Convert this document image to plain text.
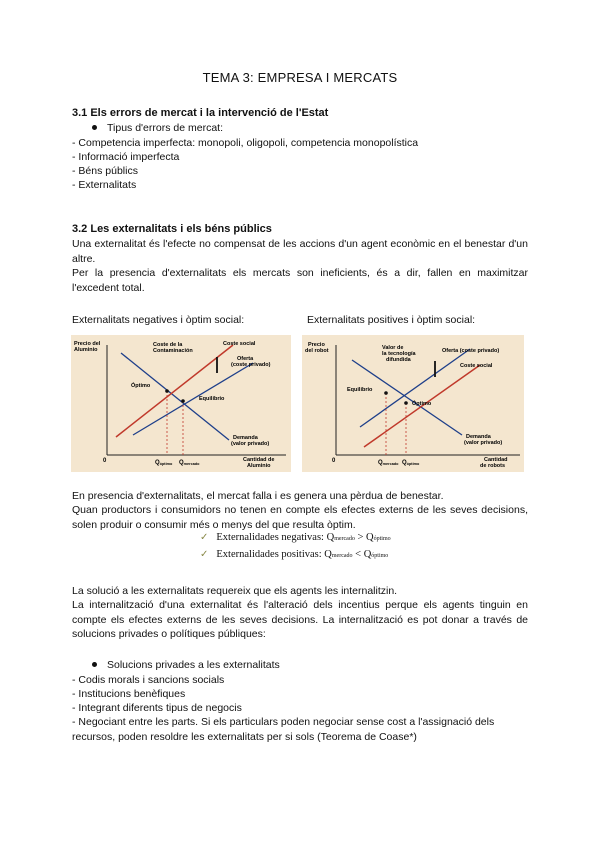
TEMA 3: EMPRESA I MERCATS
3.1 Els errors de mercat i la intervenció de l'Estat
Tipus d'errors de mercat:
- Competencia imperfecta: monopoli, oligopoli, competencia monopolística
- Informació imperfecta
- Béns públics
- Externalitats
3.2 Les externalitats i els béns públics
Una externalitat és l'efecte no compensat de les accions d'un agent econòmic en el benestar d'un altre.
Per la presencia d'externalitats els mercats son ineficients, és a dir, fallen en maximitzar l'excedent total.
Externalitats negatives i òptim social:	Externalitats positives i òptim social:
Precio del
Aluminio
Coste de la
Contaminación
Coste social
Oferta
(coste privado)
Óptimo
Equilibrio
Demanda
(valor privado)
0	Qóptimo Qmercado
Cantidad de
Aluminio
Precio
del robot	Valor de
la tecnología
difundida
Oferta (coste privado)
Coste social
Equilibrio
Óptimo
Demanda
(valor privado)
0	Qmercado Qóptimo
Cantidad
de robots
En presencia d'externalitats, el mercat falla i es genera una pèrdua de benestar.
Quan productors i consumidors no tenen en compte els efectes externs de les seves decisions, solen produir o consumir més o menys del que resulta òptim.
✓ Externalidades negativas: Qmercado > Qóptimo
✓ Externalidades positivas: Qmercado < Qóptimo
La solució a les externalitats requereix que els agents les internalitzin.
La internalització d'una externalitat és l'alteració dels incentius perque els agents tinguin en compte els efectes externs de les seves decisions. La internalització es pot donar a través de solucions privades o polítiques públiques:
Solucions privades a les externalitats
- Codis morals i sancions socials
- Institucions benèfiques
- Integrant diferents tipus de negocis
- Negociant entre les parts. Si els particulars poden negociar sense cost a l'assignació dels recursos, poden resoldre les externalitats per si sols (Teorema de Coase*)
